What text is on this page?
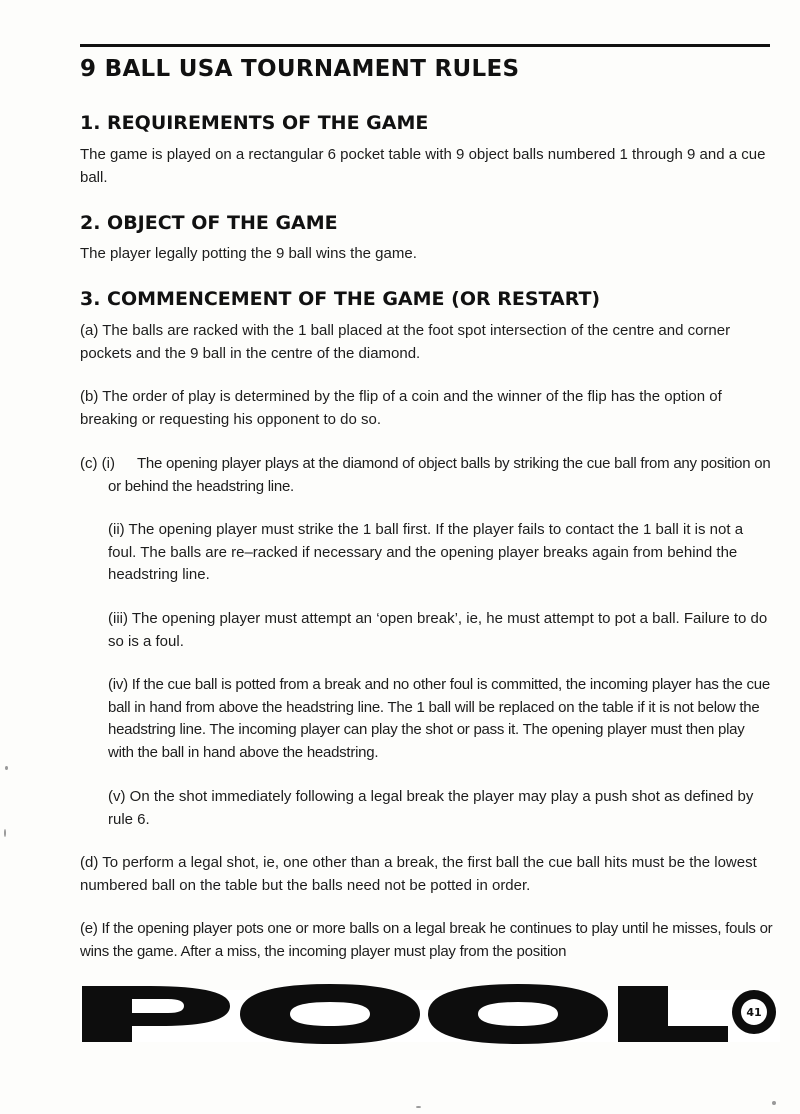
9 BALL USA TOURNAMENT RULES
1. REQUIREMENTS OF THE GAME

The game is played on a rectangular 6 pocket table with 9 object balls numbered 1 through 9 and a cue ball.

2. OBJECT OF THE GAME

The player legally potting the 9 ball wins the game.

3. COMMENCEMENT OF THE GAME (OR RESTART)

(a) The balls are racked with the 1 ball placed at the foot spot intersection of the centre and corner pockets and the 9 ball in the centre of the diamond.

(b) The order of play is determined by the flip of a coin and the winner of the flip has the option of breaking or requesting his opponent to do so.

(c) (i)	The opening player plays at the diamond of object balls by striking the cue ball from any position on or behind the headstring line.

(ii) The opening player must strike the 1 ball first. If the player fails to contact the 1 ball it is not a foul. The balls are re–racked if necessary and the opening player breaks again from behind the headstring line.

(iii) The opening player must attempt an ‘open break’, ie, he must attempt to pot a ball. Failure to do so is a foul.

(iv) If the cue ball is potted from a break and no other foul is committed, the incoming player has the cue ball in hand from above the headstring line. The 1 ball will be replaced on the table if it is not below the headstring line. The incoming player can play the shot or pass it. The opening player must then play with the ball in hand above the headstring.

(v) On the shot immediately following a legal break the player may play a push shot as defined by rule 6.

(d) To perform a legal shot, ie, one other than a break, the first ball the cue ball hits must be the lowest numbered ball on the table but the balls need not be potted in order.

(e) If the opening player pots one or more balls on a legal break he continues to play until he misses, fouls or wins the game. After a miss, the incoming player must play from the position

41
